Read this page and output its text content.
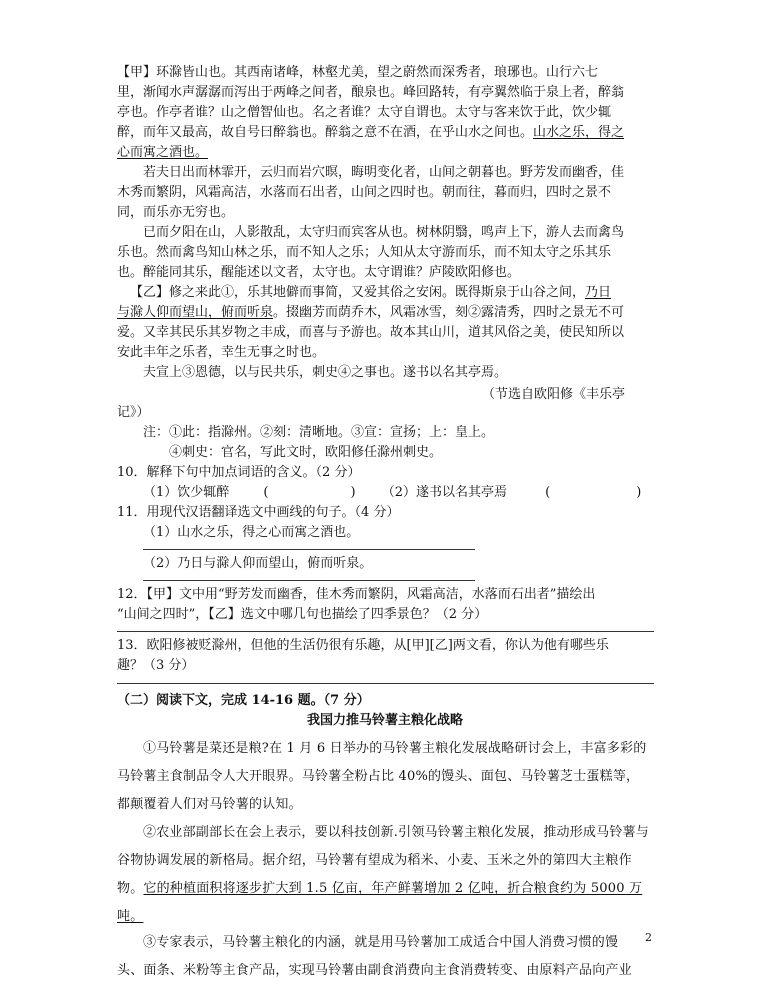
【甲】环滁皆山也。其西南诸峰，林壑尤美，望之蔚然而深秀者，琅琊也。山行六七
里，渐闻水声潺潺而泻出于两峰之间者，酿泉也。峰回路转，有亭翼然临于泉上者，醉翁
亭也。作亭者谁？山之僧智仙也。名之者谁？太守自谓也。太守与客来饮于此，饮少辄
醉，而年又最高，故自号曰醉翁也。醉翁之意不在酒，在乎山水之间也。山水之乐，得之
心而寓之酒也。
若夫日出而林霏开，云归而岩穴暝，晦明变化者，山间之朝暮也。野芳发而幽香，佳
木秀而繁阴，风霜高洁，水落而石出者，山间之四时也。朝而往，暮而归，四时之景不
同，而乐亦无穷也。
已而夕阳在山，人影散乱，太守归而宾客从也。树林阴翳，鸣声上下，游人去而禽鸟
乐也。然而禽鸟知山林之乐，而不知人之乐；人知从太守游而乐，而不知太守之乐其乐
也。醉能同其乐，醒能述以文者，太守也。太守谓谁？庐陵欧阳修也。
【乙】修之来此①，乐其地僻而事简，又爱其俗之安闲。既得斯泉于山谷之间，乃日
与滁人仰而望山，俯而听泉。掇幽芳而荫乔木，风霜冰雪，刻②露清秀，四时之景无不可
爱。又幸其民乐其岁物之丰成，而喜与予游也。故本其山川，道其风俗之美，使民知所以
安此丰年之乐者，幸生无事之时也。
夫宣上③恩德，以与民共乐，刺史④之事也。遂书以名其亭焉。
（节选自欧阳修《丰乐亭
记》）
注：①此：指滁州。②刻：清晰地。③宣：宣扬；上：皇上。
④刺史：官名，写此文时，欧阳修任滁州刺史。
10．解释下句中加点词语的含义。（2 分）
（1）饮少辄醉	(	) （2）遂书以名其亭焉	(	)
11．用现代汉语翻译选文中画线的句子。（4 分）
（1）山水之乐，得之心而寓之酒也。
（2）乃日与滁人仰而望山，俯而听泉。
12．【甲】文中用“野芳发而幽香，佳木秀而繁阴，风霜高洁，水落而石出者”描绘出
“山间之四时”，【乙】选文中哪几句也描绘了四季景色？（2 分）
13．欧阳修被贬滁州，但他的生活仍很有乐趣，从[甲][乙]两文看，你认为他有哪些乐
趣？（3 分）
（二）阅读下文，完成 14-16 题。（7 分）
我国力推马铃薯主粮化战略
①马铃薯是菜还是粮?在 1 月 6 日举办的马铃薯主粮化发展战略研讨会上，丰富多彩的
马铃薯主食制品令人大开眼界。马铃薯全粉占比 40%的馒头、面包、马铃薯芝士蛋糕等，
都颠覆着人们对马铃薯的认知。
②农业部副部长在会上表示，要以科技创新.引领马铃薯主粮化发展，推动形成马铃薯与
谷物协调发展的新格局。据介绍，马铃薯有望成为稻米、小麦、玉米之外的第四大主粮作
物。它的种植面积将逐步扩大到 1.5 亿亩，年产鲜薯增加 2 亿吨，折合粮食约为 5000 万
吨。
③专家表示，马铃薯主粮化的内涵，就是用马铃薯加工成适合中国人消费习惯的馒
头、面条、米粉等主食产品，实现马铃薯由副食消费向主食消费转变、由原料产品向产业
2
